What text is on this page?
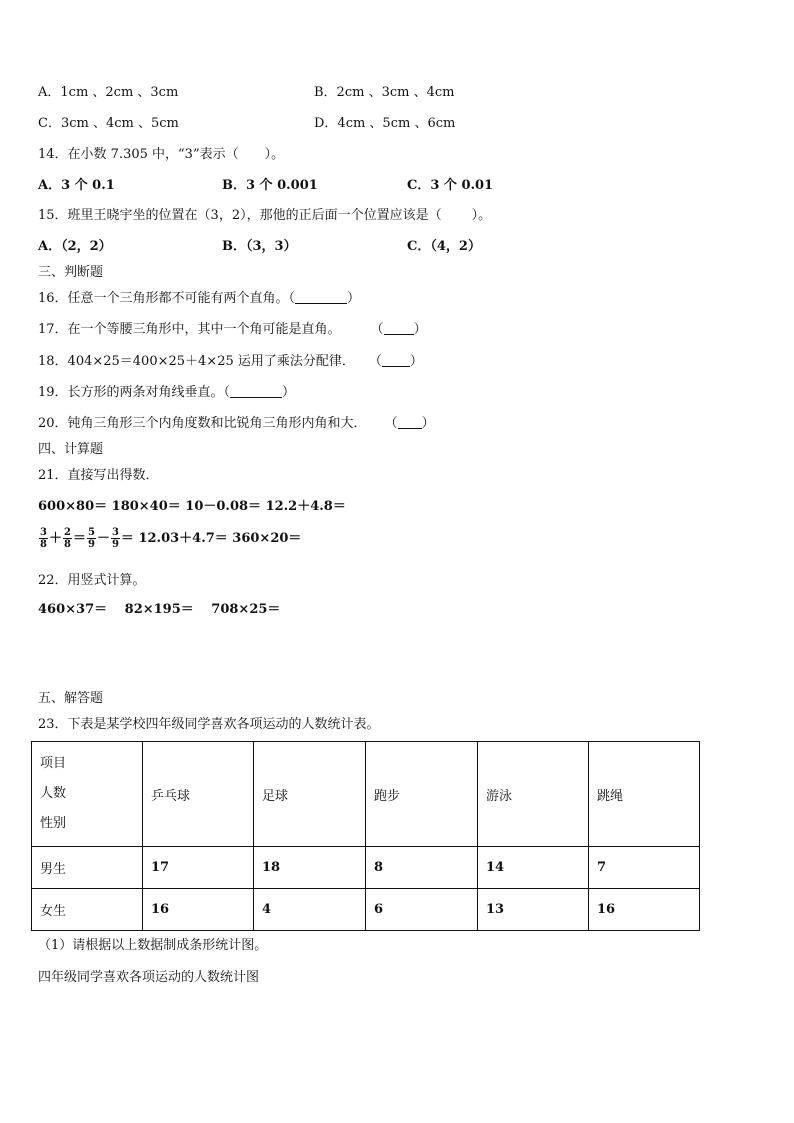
A．1cm 、2cm 、3cm	B．2cm 、3cm 、4cm
C．3cm 、4cm 、5cm	D．4cm 、5cm 、6cm
14．在小数 7.305 中，“3”表示（ ）。
A．3 个 0.1	B．3 个 0.001	C．3 个 0.01
15．班里王晓宇坐的位置在（3，2），那他的正后面一个位置应该是（ ）。
A．（2，2）	B．（3，3）	C．（4，2）
三、判断题
16．任意一个三角形都不可能有两个直角。（	）
17．在一个等腰三角形中，其中一个角可能是直角。 （ ）
18．404×25＝400×25＋4×25 运用了乘法分配律． （ ）
19．长方形的两条对角线垂直。（	）
20．钝角三角形三个内角度数和比锐角三角形内角和大． （ ）
四、计算题
21．直接写出得数．
600×80＝ 180×40＝ 10－0.08＝ 12.2＋4.8＝
$\frac{3}{8} + \frac{2}{8} = \frac{5}{9} - \frac{3}{9} = 12.03+4.7= 360\times 20=$
22．用竖式计算。
460×37＝　 82×195＝　 708×25＝
五、解答题
23．下表是某学校四年级同学喜欢各项运动的人数统计表。
项目
人数
性别	乒乓球	足球	跑步	游泳	跳绳
男生	17	18	8	14	7
女生	16	4	6	13	16
（1）请根据以上数据制成条形统计图。
四年级同学喜欢各项运动的人数统计图
